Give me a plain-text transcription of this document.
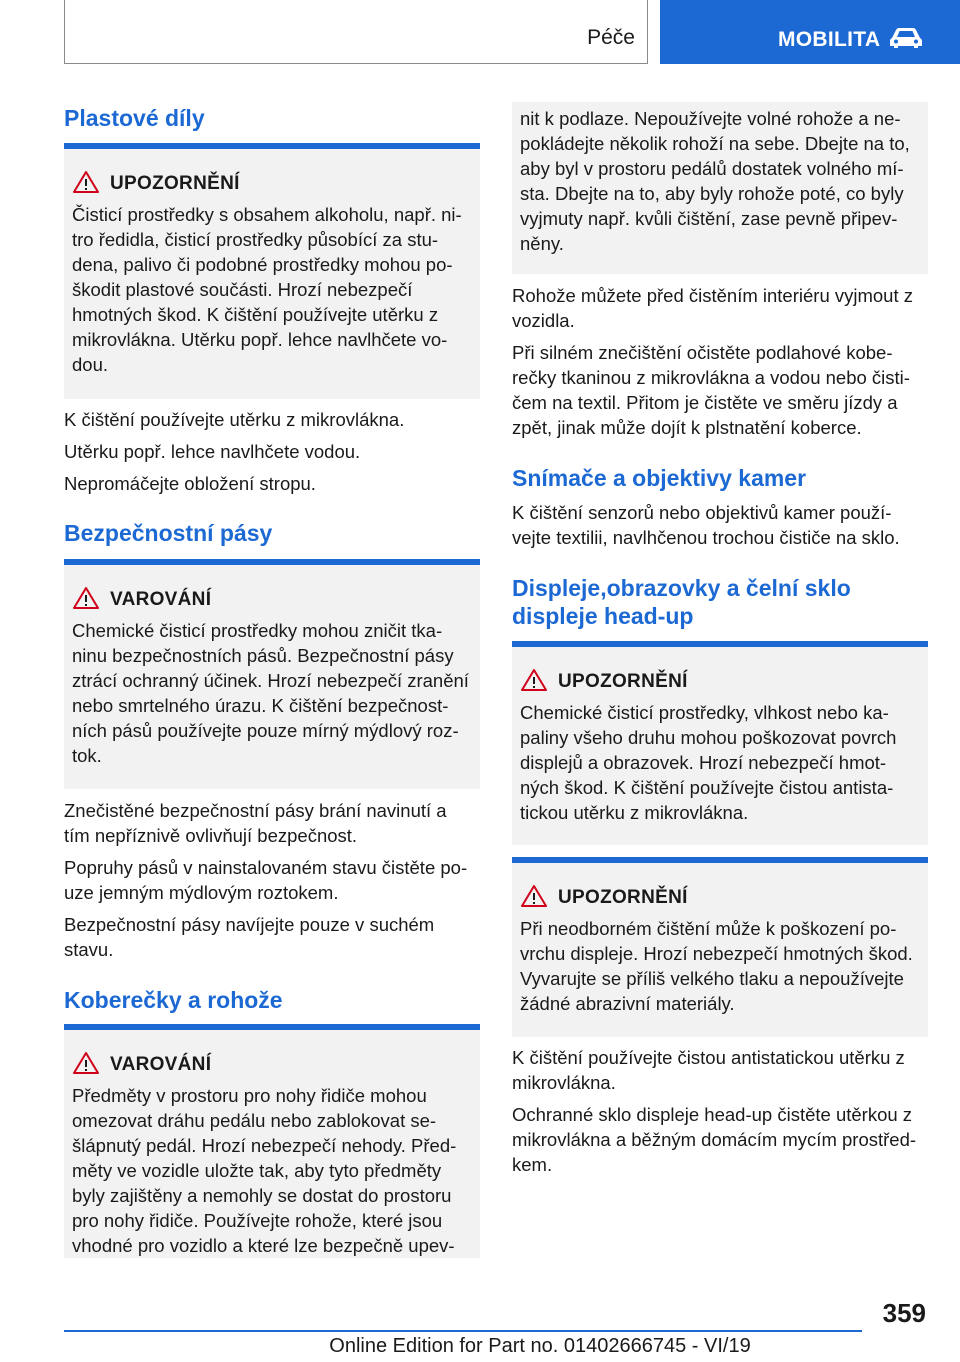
Péče	MOBILITA
Plastové díly
UPOZORNĚNÍ
Čisticí prostředky s obsahem alkoholu, např. ni-
tro ředidla, čisticí prostředky působící za stu-
dena, palivo či podobné prostředky mohou po-
škodit plastové součásti. Hrozí nebezpečí
hmotných škod. K čištění používejte utěrku z
mikrovlákna. Utěrku popř. lehce navlhčete vo-
dou.

K čištění používejte utěrku z mikrovlákna.

Utěrku popř. lehce navlhčete vodou.

Nepromáčejte obložení stropu.

Bezpečnostní pásy
VAROVÁNÍ
Chemické čisticí prostředky mohou zničit tka-
ninu bezpečnostních pásů. Bezpečnostní pásy
ztrácí ochranný účinek. Hrozí nebezpečí zranění
nebo smrtelného úrazu. K čištění bezpečnost-
ních pásů používejte pouze mírný mýdlový roz-
tok.

Znečistěné bezpečnostní pásy brání navinutí a
tím nepříznivě ovlivňují bezpečnost.

Popruhy pásů v nainstalovaném stavu čistěte po-
uze jemným mýdlovým roztokem.

Bezpečnostní pásy navíjejte pouze v suchém
stavu.

Koberečky a rohože
VAROVÁNÍ
Předměty v prostoru pro nohy řidiče mohou
omezovat dráhu pedálu nebo zablokovat se-
šlápnutý pedál. Hrozí nebezpečí nehody. Před-
měty ve vozidle uložte tak, aby tyto předměty
byly zajištěny a nemohly se dostat do prostoru
pro nohy řidiče. Používejte rohože, které jsou
vhodné pro vozidlo a které lze bezpečně upev-
nit k podlaze. Nepoužívejte volné rohože a ne-
pokládejte několik rohoží na sebe. Dbejte na to,
aby byl v prostoru pedálů dostatek volného mí-
sta. Dbejte na to, aby byly rohože poté, co byly
vyjmuty např. kvůli čištění, zase pevně připev-
něny.

Rohože můžete před čistěním interiéru vyjmout z
vozidla.

Při silném znečištění očistěte podlahové kobe-
rečky tkaninou z mikrovlákna a vodou nebo čisti-
čem na textil. Přitom je čistěte ve směru jízdy a
zpět, jinak může dojít k plstnatění koberce.

Snímače a objektivy kamer

K čištění senzorů nebo objektivů kamer použí-
vejte textilii, navlhčenou trochou čističe na sklo.

Displeje,obrazovky a čelní sklo
displeje head-up
UPOZORNĚNÍ
Chemické čisticí prostředky, vlhkost nebo ka-
paliny všeho druhu mohou poškozovat povrch
displejů a obrazovek. Hrozí nebezpečí hmot-
ných škod. K čištění používejte čistou antista-
tickou utěrku z mikrovlákna.
UPOZORNĚNÍ
Při neodborném čištění může k poškození po-
vrchu displeje. Hrozí nebezpečí hmotných škod.
Vyvarujte se příliš velkého tlaku a nepoužívejte
žádné abrazivní materiály.

K čištění používejte čistou antistatickou utěrku z
mikrovlákna.

Ochranné sklo displeje head-up čistěte utěrkou z
mikrovlákna a běžným domácím mycím prostřed-
kem.

359
Online Edition for Part no. 01402666745 - VI/19
